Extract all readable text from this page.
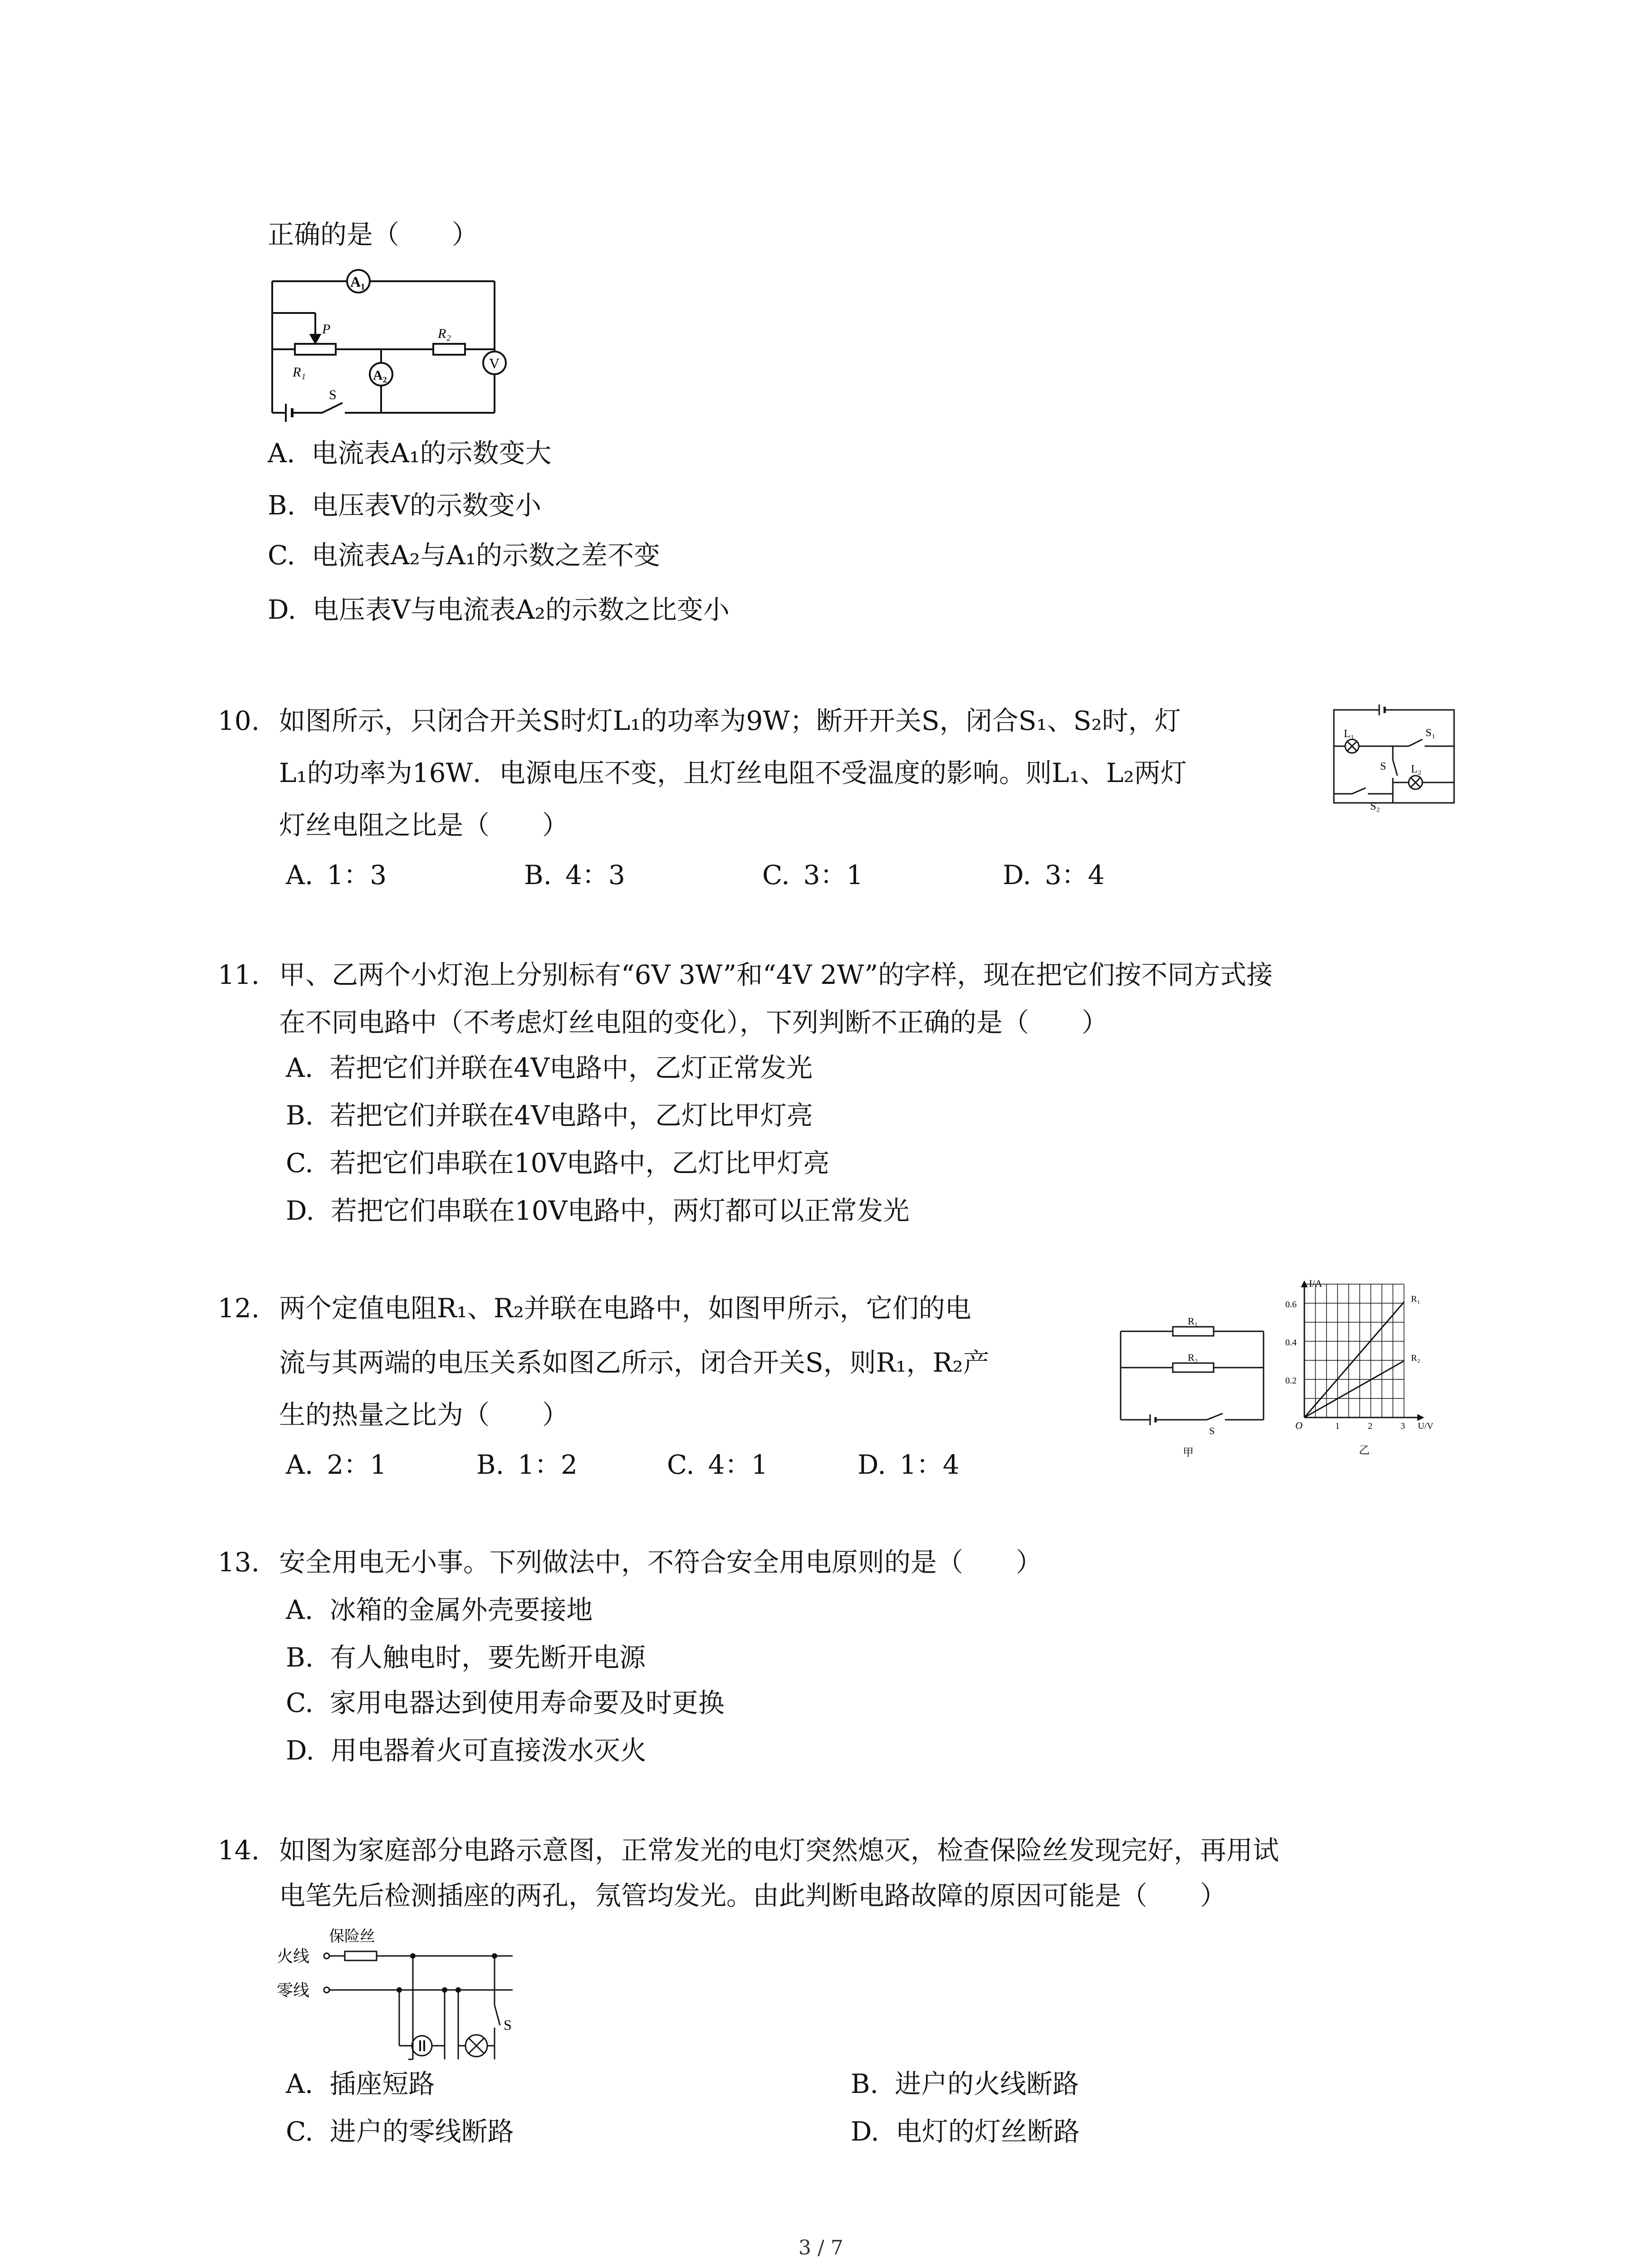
正确的是（　　）
A₁
P	R₂
R₁	A₂
V
S
A. 电流表A₁的示数变大
B. 电压表V的示数变小
C. 电流表A₂与A₁的示数之差不变
D. 电压表V与电流表A₂的示数之比变小
10. 如图所示，只闭合开关S时灯L₁的功率为9W；断开开关S，闭合S₁、S₂时，灯
L₁的功率为16W．电源电压不变，且灯丝电阻不受温度的影响。则L₁、L₂两灯
灯丝电阻之比是（　　）
A. 1：3	B. 4：3	C. 3：1	D. 3：4
L₁	S₁
S L₂
S₂
11. 甲、乙两个小灯泡上分别标有“6V 3W”和“4V 2W”的字样，现在把它们按不同方式接
在不同电路中（不考虑灯丝电阻的变化），下列判断不正确的是（　　）
A. 若把它们并联在4V电路中，乙灯正常发光
B. 若把它们并联在4V电路中，乙灯比甲灯亮
C. 若把它们串联在10V电路中，乙灯比甲灯亮
D. 若把它们串联在10V电路中，两灯都可以正常发光
12. 两个定值电阻R₁、R₂并联在电路中，如图甲所示，它们的电
流与其两端的电压关系如图乙所示，闭合开关S，则R₁，R₂产
生的热量之比为（　　）
A. 2：1	B. 1：2	C. 4：1	D. 1：4
R₁
R₂
S
甲
I/A
0.6
0.4
0.2
O	1	2	3 U/V
R₁
R₂
乙
13. 安全用电无小事。下列做法中，不符合安全用电原则的是（　　）
A. 冰箱的金属外壳要接地
B. 有人触电时，要先断开电源
C. 家用电器达到使用寿命要及时更换
D. 用电器着火可直接泼水灭火
14. 如图为家庭部分电路示意图，正常发光的电灯突然熄灭，检查保险丝发现完好，再用试
电笔先后检测插座的两孔，氖管均发光。由此判断电路故障的原因可能是（　　）
火线
保险丝
零线
S
A. 插座短路	B. 进户的火线断路
C. 进户的零线断路	D. 电灯的灯丝断路
3 / 7
